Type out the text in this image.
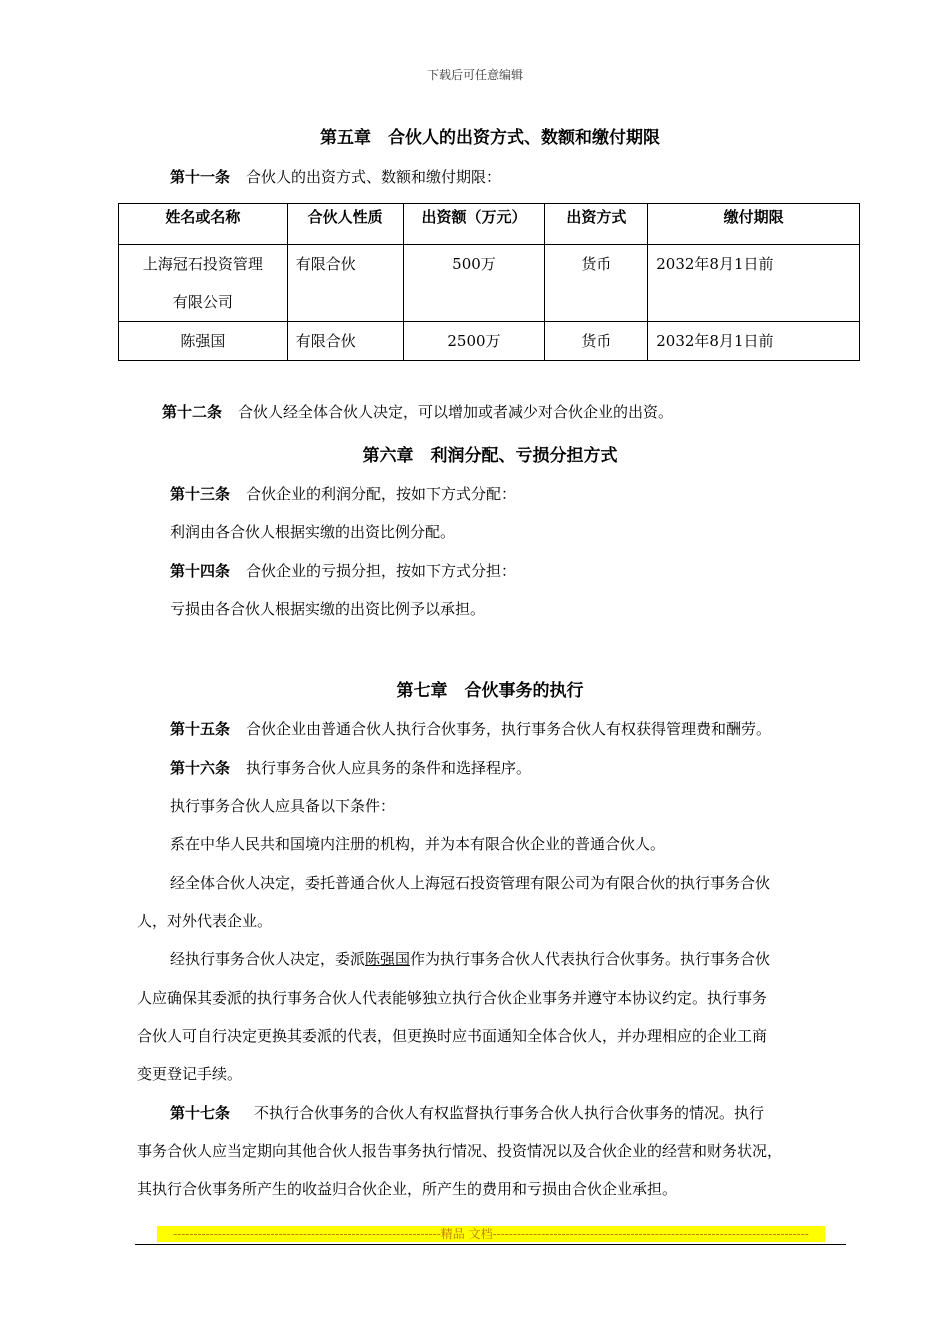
下载后可任意编辑
第五章　合伙人的出资方式、数额和缴付期限
第十一条 合伙人的出资方式、数额和缴付期限：
姓名或名称	合伙人性质	出资额（万元）	出资方式	缴付期限
上海冠石投资管理
有限公司	有限合伙	500万	货币	2032年8月1日前
陈强国	有限合伙	2500万	货币	2032年8月1日前
第十二条 合伙人经全体合伙人决定，可以增加或者减少对合伙企业的出资。
第六章　利润分配、亏损分担方式
第十三条 合伙企业的利润分配，按如下方式分配：
利润由各合伙人根据实缴的出资比例分配。
第十四条 合伙企业的亏损分担，按如下方式分担：
亏损由各合伙人根据实缴的出资比例予以承担。
第七章　合伙事务的执行
第十五条 合伙企业由普通合伙人执行合伙事务，执行事务合伙人有权获得管理费和酬劳。
第十六条 执行事务合伙人应具务的条件和选择程序。
执行事务合伙人应具备以下条件：
系在中华人民共和国境内注册的机构，并为本有限合伙企业的普通合伙人。
经全体合伙人决定，委托普通合伙人上海冠石投资管理有限公司为有限合伙的执行事务合伙
人，对外代表企业。
经执行事务合伙人决定，委派陈强国作为执行事务合伙人代表执行合伙事务。执行事务合伙
人应确保其委派的执行事务合伙人代表能够独立执行合伙企业事务并遵守本协议约定。执行事务
合伙人可自行决定更换其委派的代表，但更换时应书面通知全体合伙人，并办理相应的企业工商
变更登记手续。
第十七条 不执行合伙事务的合伙人有权监督执行事务合伙人执行合伙事务的情况。执行
事务合伙人应当定期向其他合伙人报告事务执行情况、投资情况以及合伙企业的经营和财务状况，
其执行合伙事务所产生的收益归合伙企业，所产生的费用和亏损由合伙企业承担。
------------------------------------------------------------------精品 文档------------------------------------------------------------------------------
